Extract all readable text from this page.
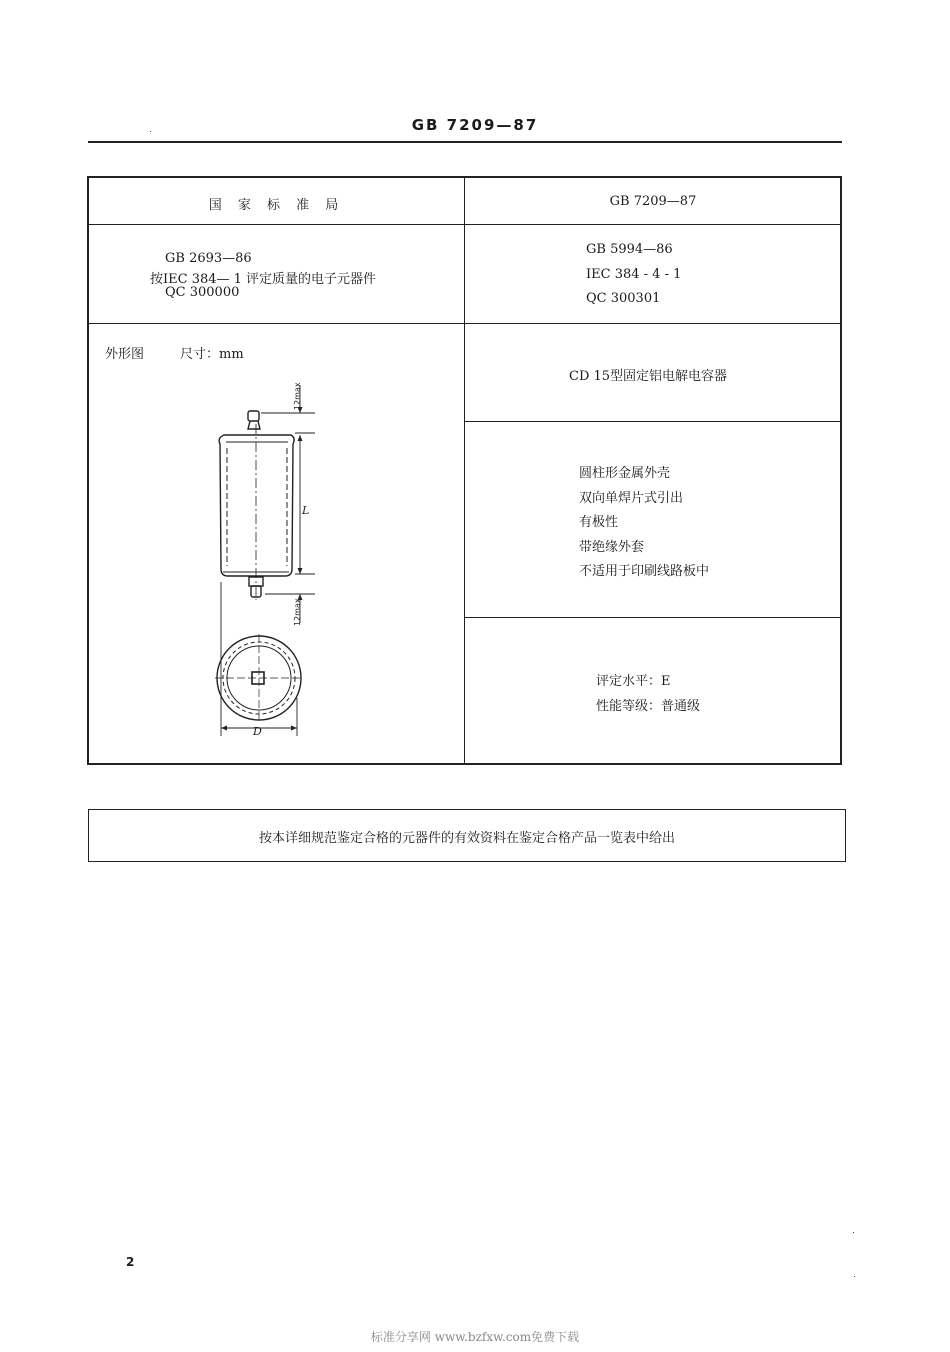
GB 7209—87
国 家 标 准 局	GB 7209—87
GB 2693—86
按IEC 384— 1 评定质量的电子元器件
QC 300000
GB 5994—86
IEC 384 - 4 - 1
QC 300301
外形图	尺寸：mm
12max
12max
L
D
CD 15型固定铝电解电容器
圆柱形金属外壳
双向单焊片式引出
有极性
带绝缘外套
不适用于印刷线路板中
评定水平：E
性能等级：普通级
按本详细规范鉴定合格的元器件的有效资料在鉴定合格产品一览表中给出
2
标准分享网 www.bzfxw.com免费下载
